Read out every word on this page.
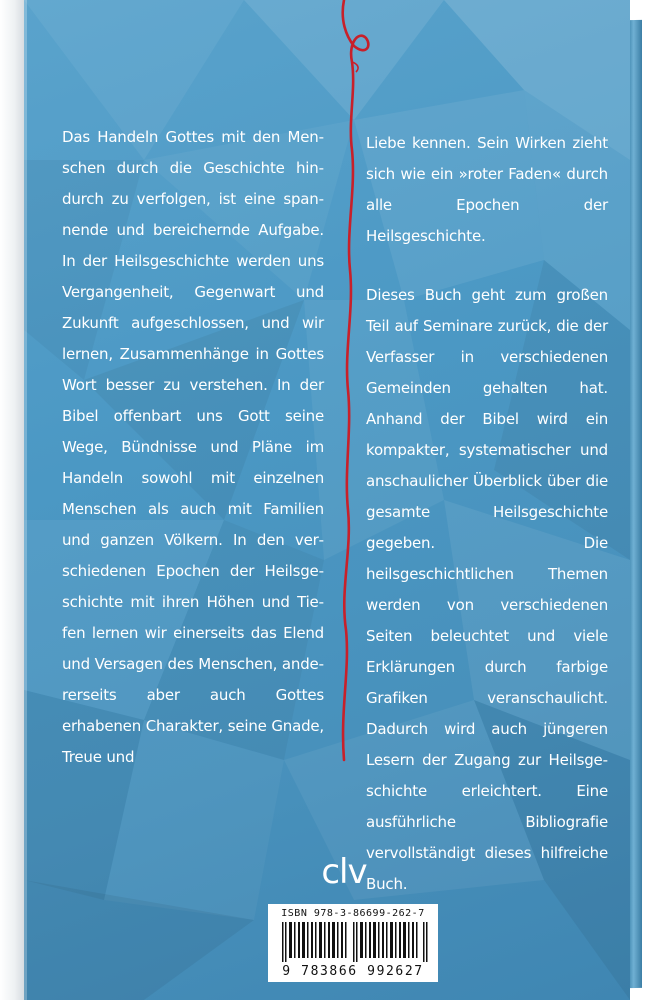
Das Handeln Gottes mit den Menschen durch die Geschichte hindurch zu verfolgen, ist eine spannende und bereichernde Aufgabe. In der Heilsgeschichte werden uns Vergangenheit, Gegenwart und Zukunft aufgeschlossen, und wir lernen, Zusammenhänge in Gottes Wort besser zu verstehen. In der Bibel offenbart uns Gott seine Wege, Bündnisse und Pläne im Handeln sowohl mit einzelnen Menschen als auch mit Familien und ganzen Völkern. In den verschiedenen Epochen der Heilsgeschichte mit ihren Höhen und Tiefen lernen wir einerseits das Elend und Versagen des Menschen, andererseits aber auch Gottes erhabenen Charakter, seine Gnade, Treue und

Liebe kennen. Sein Wirken zieht sich wie ein »roter Faden« durch alle Epochen der Heilsgeschichte.

Dieses Buch geht zum großen Teil auf Seminare zurück, die der Verfasser in verschiedenen Gemeinden gehalten hat. Anhand der Bibel wird ein kompakter, systematischer und anschaulicher Überblick über die gesamte Heilsgeschichte gegeben. Die heilsgeschichtlichen Themen werden von verschiedenen Seiten beleuchtet und viele Erklärungen durch farbige Grafiken veranschaulicht. Dadurch wird auch jüngeren Lesern der Zugang zur Heilsgeschichte erleichtert. Eine ausführliche Bibliografie vervollständigt dieses hilfreiche Buch.

clv
ISBN 978-3-86699-262-7
9 783866 992627
